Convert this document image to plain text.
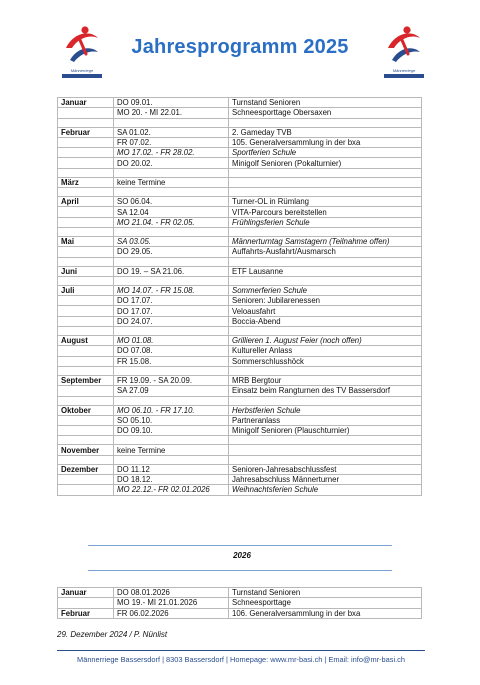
Männerriege
Jahresprogramm 2025
Männerriege
Januar	DO 09.01.	Turnstand Senioren
	MO 20. - MI 22.01.	Schneesporttage Obersaxen

Februar	SA 01.02.	2. Gameday TVB
	FR 07.02.	105. Generalversammlung in der bxa
	MO 17.02. - FR 28.02.	Sportferien Schule
	DO 20.02.	Minigolf Senioren (Pokalturnier)

März	keine Termine	

April	SO 06.04.	Turner-OL in Rümlang
	SA 12.04	VITA-Parcours bereitstellen
	MO 21.04. - FR 02.05.	Frühlingsferien Schule

Mai	SA 03.05.	Männerturntag Samstagern (Teilnahme offen)
	DO 29.05.	Auffahrts-Ausfahrt/Ausmarsch

Juni	DO 19. – SA 21.06.	ETF Lausanne

Juli	MO 14.07. - FR 15.08.	Sommerferien Schule
	DO 17.07.	Senioren: Jubilarenessen
	DO 17.07.	Veloausfahrt
	DO 24.07.	Boccia-Abend

August	MO 01.08.	Grillieren 1. August Feier (noch offen)
	DO 07.08.	Kultureller Anlass
	FR 15.08.	Sommerschlusshöck

September	FR 19.09. - SA 20.09.	MRB Bergtour
	SA 27.09	Einsatz beim Rangturnen des TV Bassersdorf

Oktober	MO 06.10. - FR 17.10.	Herbstferien Schule
	SO 05.10.	Partneranlass
	DO 09.10.	Minigolf Senioren (Plauschturnier)

November	keine Termine	

Dezember	DO 11.12	Senioren-Jahresabschlussfest
	DO 18.12.	Jahresabschluss Männerturner
	MO 22.12.- FR 02.01.2026	Weihnachtsferien Schule
2026
Januar	DO 08.01.2026	Turnstand Senioren
	MO 19.- MI 21.01.2026	Schneesporttage
Februar	FR 06.02.2026	106. Generalversammlung in der bxa
29. Dezember 2024 / P. Nünlist
Männerriege Bassersdorf | 8303 Bassersdorf | Homepage: www.mr-basi.ch | Email: info@mr-basi.ch
